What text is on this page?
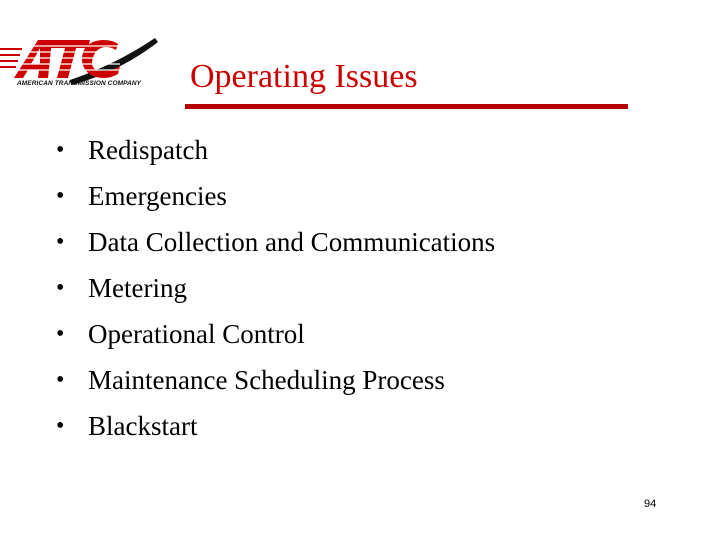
AMERICAN TRANSMISSION COMPANY Operating Issues
• Redispatch
• Emergencies
• Data Collection and Communications
• Metering
• Operational Control
• Maintenance Scheduling Process
• Blackstart
94
